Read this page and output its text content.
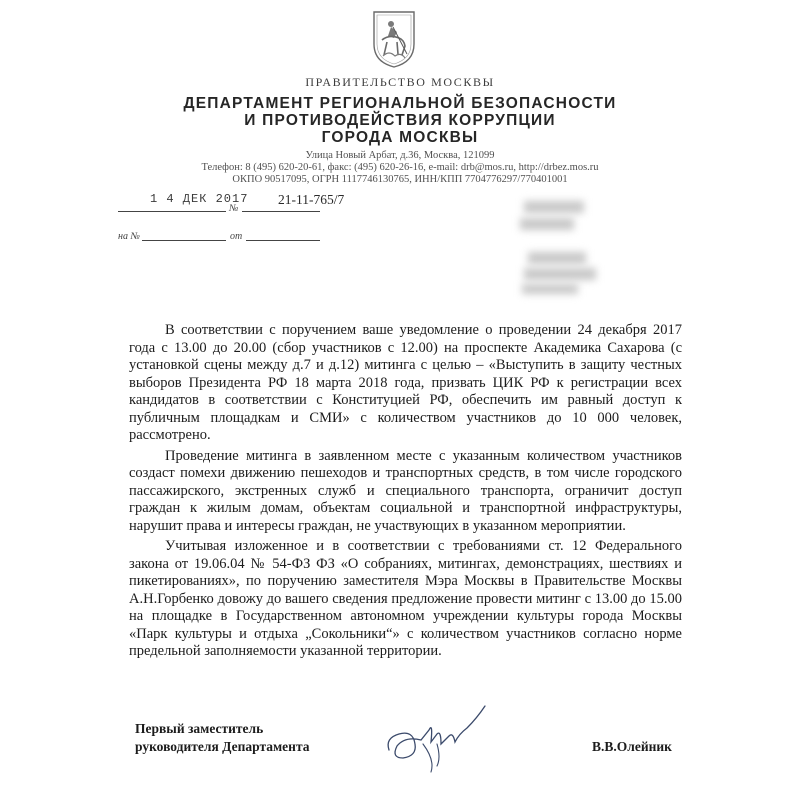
ПРАВИТЕЛЬСТВО МОСКВЫ
ДЕПАРТАМЕНТ РЕГИОНАЛЬНОЙ БЕЗОПАСНОСТИ
И ПРОТИВОДЕЙСТВИЯ КОРРУПЦИИ
ГОРОДА МОСКВЫ
Улица Новый Арбат, д.36, Москва, 121099
Телефон: 8 (495) 620-20-61, факс: (495) 620-26-16, e-mail: drb@mos.ru, http://drbez.mos.ru
ОКПО 90517095, ОГРН 1117746130765, ИНН/КПП 7704776297/770401001
1 4 ДЕК 2017
№
21-11-765/7
на №	от

В соответствии с поручением ваше уведомление о проведении 24 декабря 2017 года с 13.00 до 20.00 (сбор участников с 12.00) на проспекте Академика Сахарова (с установкой сцены между д.7 и д.12) митинга с целью – «Выступить в защиту честных выборов Президента РФ 18 марта 2018 года, призвать ЦИК РФ к регистрации всех кандидатов в соответствии с Конституцией РФ, обеспечить им равный доступ к публичным площадкам и СМИ» с количеством участников до 10 000 человек, рассмотрено.

Проведение митинга в заявленном месте с указанным количеством участников создаст помехи движению пешеходов и транспортных средств, в том числе городского пассажирского, экстренных служб и специального транспорта, ограничит доступ граждан к жилым домам, объектам социальной и транспортной инфраструктуры, нарушит права и интересы граждан, не участвующих в указанном мероприятии.

Учитывая изложенное и в соответствии с требованиями ст. 12 Федерального закона от 19.06.04 № 54-ФЗ ФЗ «О собраниях, митингах, демонстрациях, шествиях и пикетированиях», по поручению заместителя Мэра Москвы в Правительстве Москвы А.Н.Горбенко довожу до вашего сведения предложение провести митинг с 13.00 до 15.00 на площадке в Государственном автономном учреждении культуры города Москвы «Парк культуры и отдыха „Сокольники“» с количеством участников согласно норме предельной заполняемости указанной территории.

Первый заместитель
руководителя Департамента	В.В.Олейник
